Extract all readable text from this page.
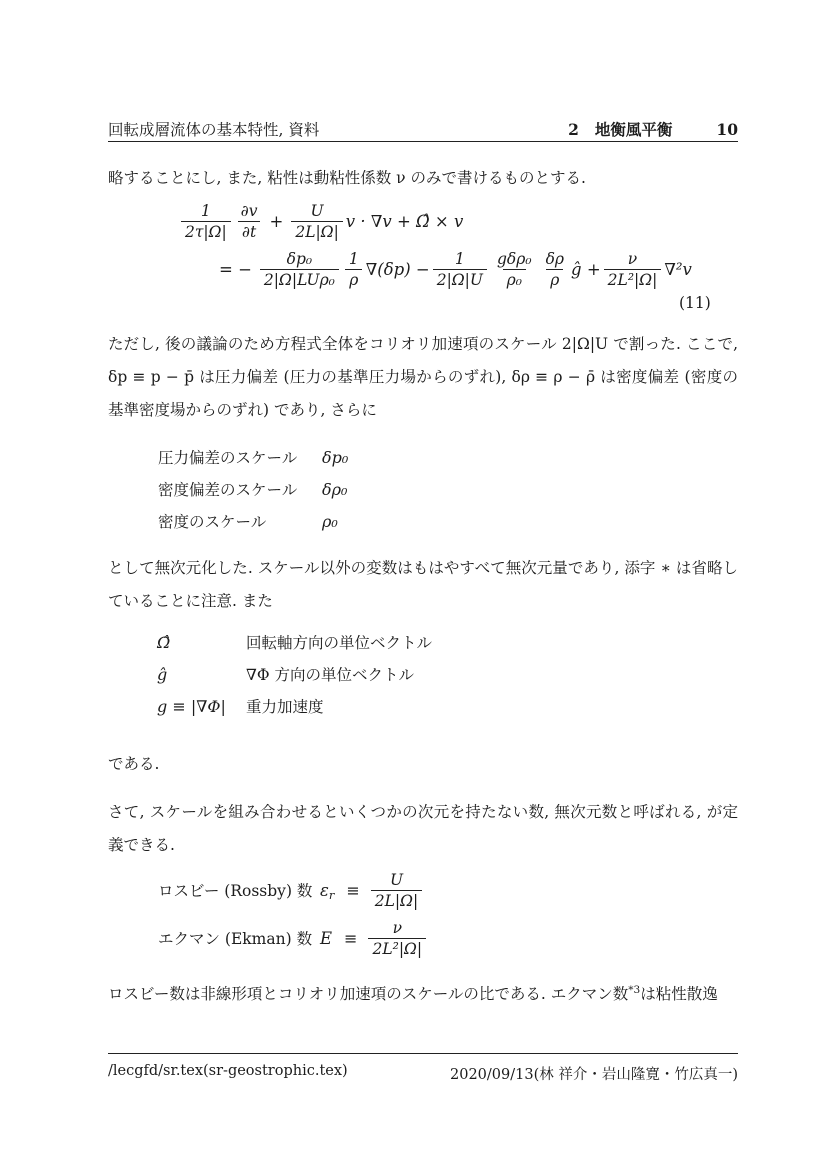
回転成層流体の基本特性, 資料	2 地衡風平衡	10
略することにし, また, 粘性は動粘性係数 ν のみで書けるものとする.
$\frac{1}{2\tau|\Omega|} \frac{\partial v}{\partial t} + \frac{U}{2L|\Omega|}$ v · ∇v + Ω̂ × v
= − $\frac{\text{δp₀}}{\text{2|Ω|LUρ₀}} \frac{1}{\rho} \nabla(\delta p) - \frac{1}{2|\Omega|U} \frac{\text{gδρ₀}}{\text{ρ₀}} \frac{\delta\rho}{\rho}$ ĝ + $\frac{\nu}{\text{2L²|Ω|}} \nabla^2v$
(11)
ただし, 後の議論のため方程式全体をコリオリ加速項のスケール 2|Ω|U で割った. ここで, δp ≡ p − p̄ は圧力偏差 (圧力の基準圧力場からのずれ), δρ ≡ ρ − ρ̄ は密度偏差 (密度の基準密度場からのずれ) であり, さらに
圧力偏差のスケール	δp₀
密度偏差のスケール	δρ₀
密度のスケール	ρ₀
として無次元化した. スケール以外の変数はもはやすべて無次元量であり, 添字 ∗ は省略していることに注意. また
Ω̂	回転軸方向の単位ベクトル
ĝ	∇Φ 方向の単位ベクトル
g ≡ |∇Φ|	重力加速度
である.
さて, スケールを組み合わせるといくつかの次元を持たない数, 無次元数と呼ばれる, が定義できる.
ロスビー (Rossby) 数 ε $r \equiv \frac{U}{2L|\Omega|}$
エクマン (Ekman) 数 $E \equiv \frac{\nu}{\text{2L²|Ω|}}$
ロスビー数は非線形項とコリオリ加速項のスケールの比である. エクマン数$^{*3}$は粘性散逸
/lecgfd/sr.tex(sr-geostrophic.tex)	2020/09/13(林 祥介・岩山隆寛・竹広真一)
